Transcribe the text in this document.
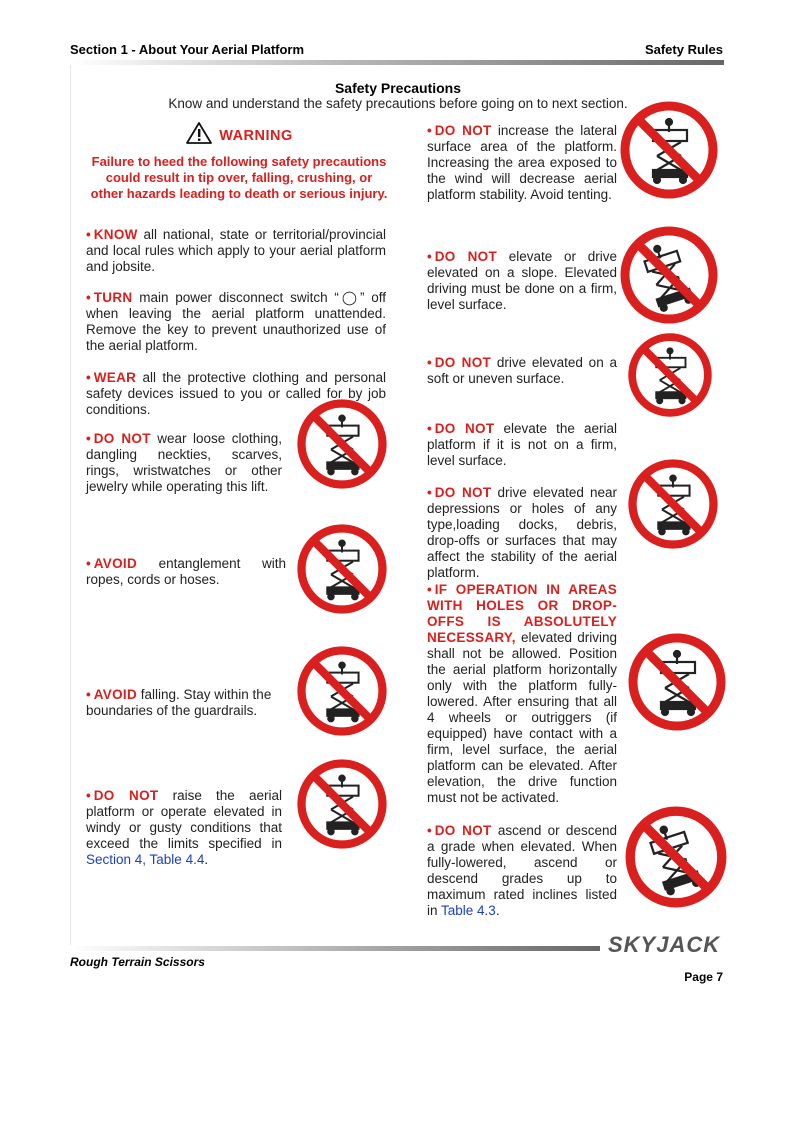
Section 1 - About Your Aerial Platform	Safety Rules
Safety Precautions
Know and understand the safety precautions before going on to next section.
WARNING
Failure to heed the following safety precautions could result in tip over, falling, crushing, or other hazards leading to death or serious injury.
• KNOW all national, state or territorial/provincial and local rules which apply to your aerial platform and jobsite.
• TURN main power disconnect switch “◯” off when leaving the aerial platform unattended. Remove the key to prevent unauthorized use of the aerial platform.
• WEAR all the protective clothing and personal safety devices issued to you or called for by job conditions.
• DO NOT wear loose clothing, dangling neckties, scarves, rings, wristwatches or other jewelry while operating this lift.
• AVOID entanglement with ropes, cords or hoses.
• AVOID falling. Stay within the boundaries of the guardrails.
• DO NOT raise the aerial platform or operate elevated in windy or gusty conditions that exceed the limits specified in Section 4, Table 4.4.
• DO NOT increase the lateral surface area of the platform. Increasing the area exposed to the wind will decrease aerial platform stability. Avoid tenting.
• DO NOT elevate or drive elevated on a slope. Elevated driving must be done on a firm, level surface.
• DO NOT drive elevated on a soft or uneven surface.
• DO NOT elevate the aerial platform if it is not on a firm, level surface.
• DO NOT drive elevated near depressions or holes of any type,loading docks, debris, drop-offs or surfaces that may affect the stability of the aerial platform.
• IF OPERATION IN AREAS WITH HOLES OR DROP-OFFS IS ABSOLUTELY NECESSARY, elevated driving shall not be allowed. Position the aerial platform horizontally only with the platform fully-lowered. After ensuring that all 4 wheels or outriggers (if equipped) have contact with a firm, level surface, the aerial platform can be elevated. After elevation, the drive function must not be activated.
• DO NOT ascend or descend a grade when elevated. When fully-lowered, ascend or descend grades up to maximum rated inclines listed in Table 4.3.
SKYJACK
Rough Terrain Scissors
Page 7
